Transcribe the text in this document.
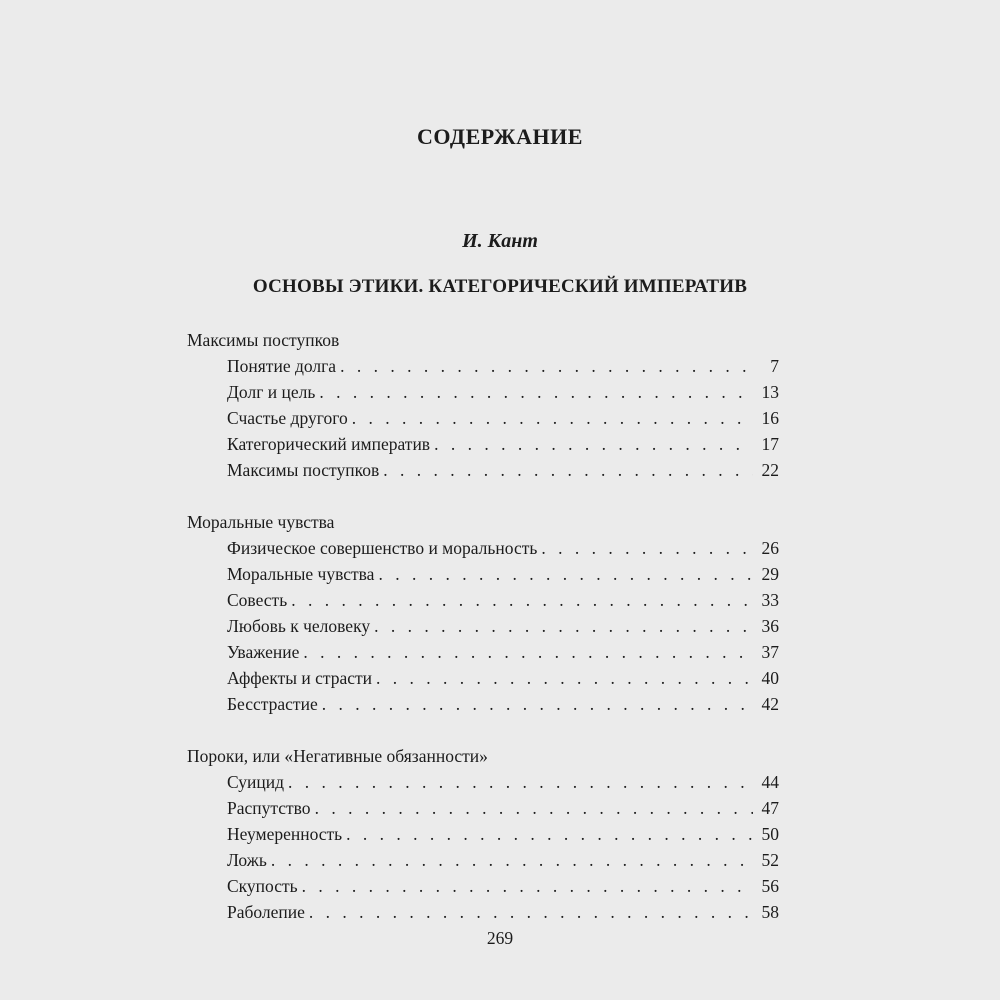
СОДЕРЖАНИЕ
И. Кант
ОСНОВЫ ЭТИКИ. КАТЕГОРИЧЕСКИЙ ИМПЕРАТИВ
Максимы поступков
Понятие долга . . .	7
Долг и цель . . .	13
Счастье другого . . .	16
Категорический императив . . .	17
Максимы поступков . . .	22
Моральные чувства
Физическое совершенство и моральность . . .	26
Моральные чувства . . .	29
Совесть . . .	33
Любовь к человеку . . .	36
Уважение . . .	37
Аффекты и страсти . . .	40
Бесстрастие . . .	42
Пороки, или «Негативные обязанности»
Суицид . . .	44
Распутство . . .	47
Неумеренность . . .	50
Ложь . . .	52
Скупость . . .	56
Раболепие . . .	58
269
